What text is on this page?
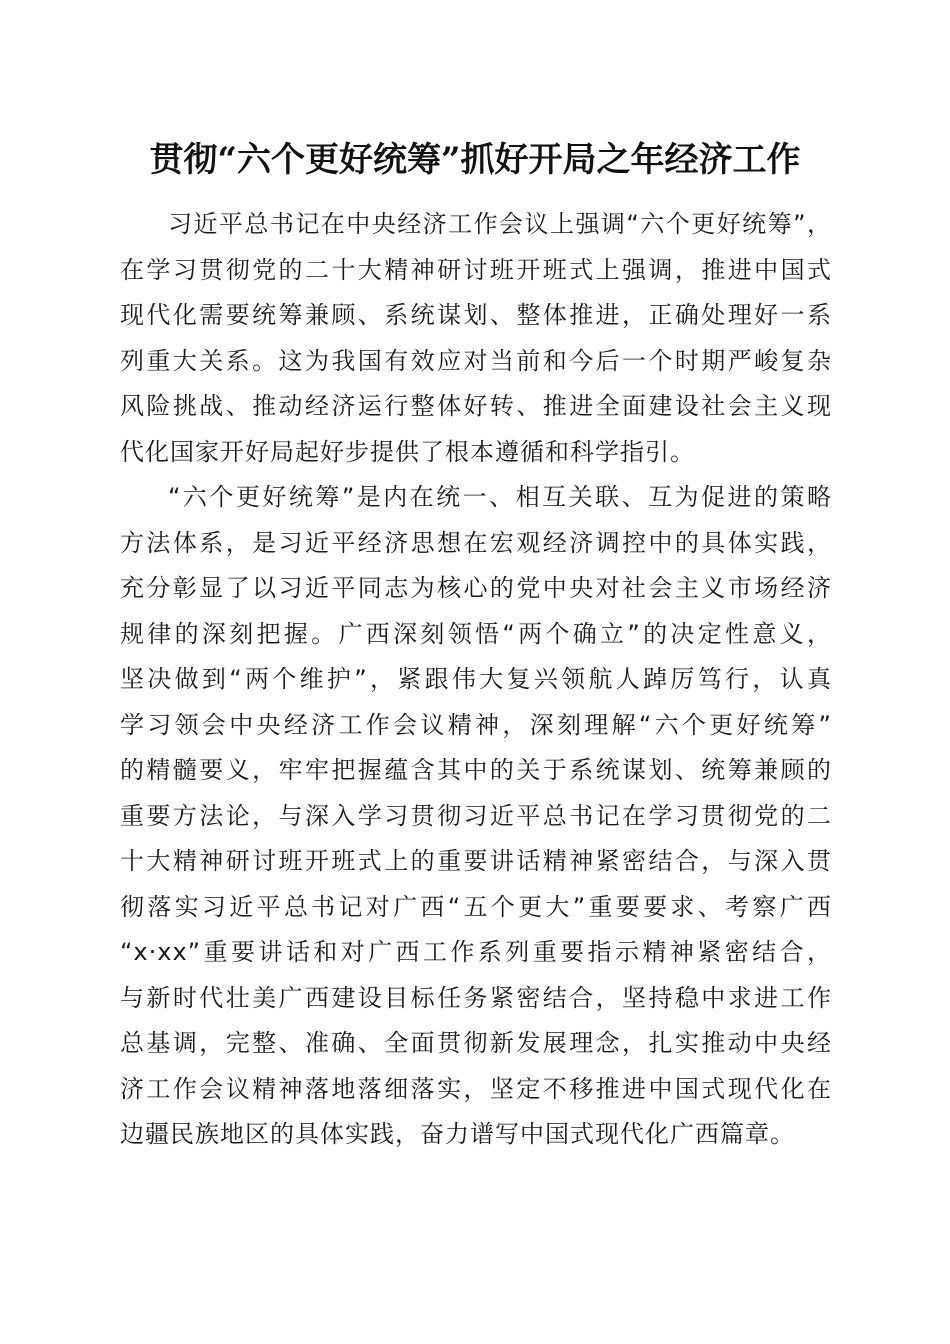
贯彻“六个更好统筹”抓好开局之年经济工作
习近平总书记在中央经济工作会议上强调“六个更好统筹”，
在学习贯彻党的二十大精神研讨班开班式上强调，推进中国式
现代化需要统筹兼顾、系统谋划、整体推进，正确处理好一系
列重大关系。这为我国有效应对当前和今后一个时期严峻复杂
风险挑战、推动经济运行整体好转、推进全面建设社会主义现
代化国家开好局起好步提供了根本遵循和科学指引。
“六个更好统筹”是内在统一、相互关联、互为促进的策略
方法体系，是习近平经济思想在宏观经济调控中的具体实践，
充分彰显了以习近平同志为核心的党中央对社会主义市场经济
规律的深刻把握。广西深刻领悟“两个确立”的决定性意义，
坚决做到“两个维护”，紧跟伟大复兴领航人踔厉笃行，认真
学习领会中央经济工作会议精神，深刻理解“六个更好统筹”
的精髓要义，牢牢把握蕴含其中的关于系统谋划、统筹兼顾的
重要方法论，与深入学习贯彻习近平总书记在学习贯彻党的二
十大精神研讨班开班式上的重要讲话精神紧密结合，与深入贯
彻落实习近平总书记对广西“五个更大”重要要求、考察广西
“x·xx”重要讲话和对广西工作系列重要指示精神紧密结合，
与新时代壮美广西建设目标任务紧密结合，坚持稳中求进工作
总基调，完整、准确、全面贯彻新发展理念，扎实推动中央经
济工作会议精神落地落细落实，坚定不移推进中国式现代化在
边疆民族地区的具体实践，奋力谱写中国式现代化广西篇章。
